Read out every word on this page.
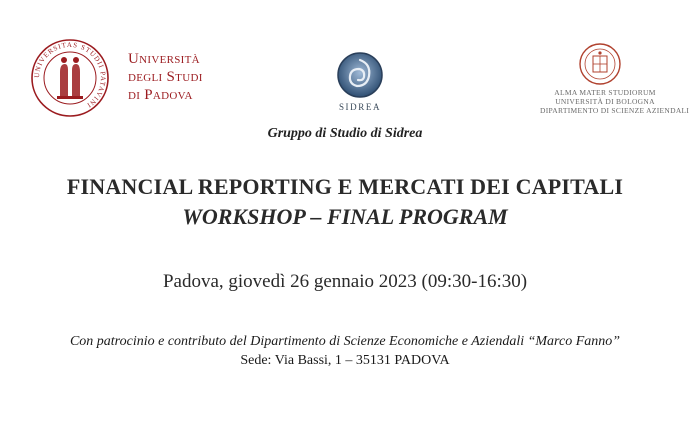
UNIVERSITAS STUDII PATAVINI
Università
degli Studi
di Padova
SIDREA
ALMA MATER STUDIORUM
UNIVERSITÀ DI BOLOGNA
DIPARTIMENTO DI SCIENZE AZIENDALI
Gruppo di Studio di Sidrea
FINANCIAL REPORTING E MERCATI DEI CAPITALI
WORKSHOP – FINAL PROGRAM
Padova, giovedì 26 gennaio 2023 (09:30-16:30)
Con patrocinio e contributo del Dipartimento di Scienze Economiche e Aziendali “Marco Fanno”
Sede: Via Bassi, 1 – 35131 PADOVA
